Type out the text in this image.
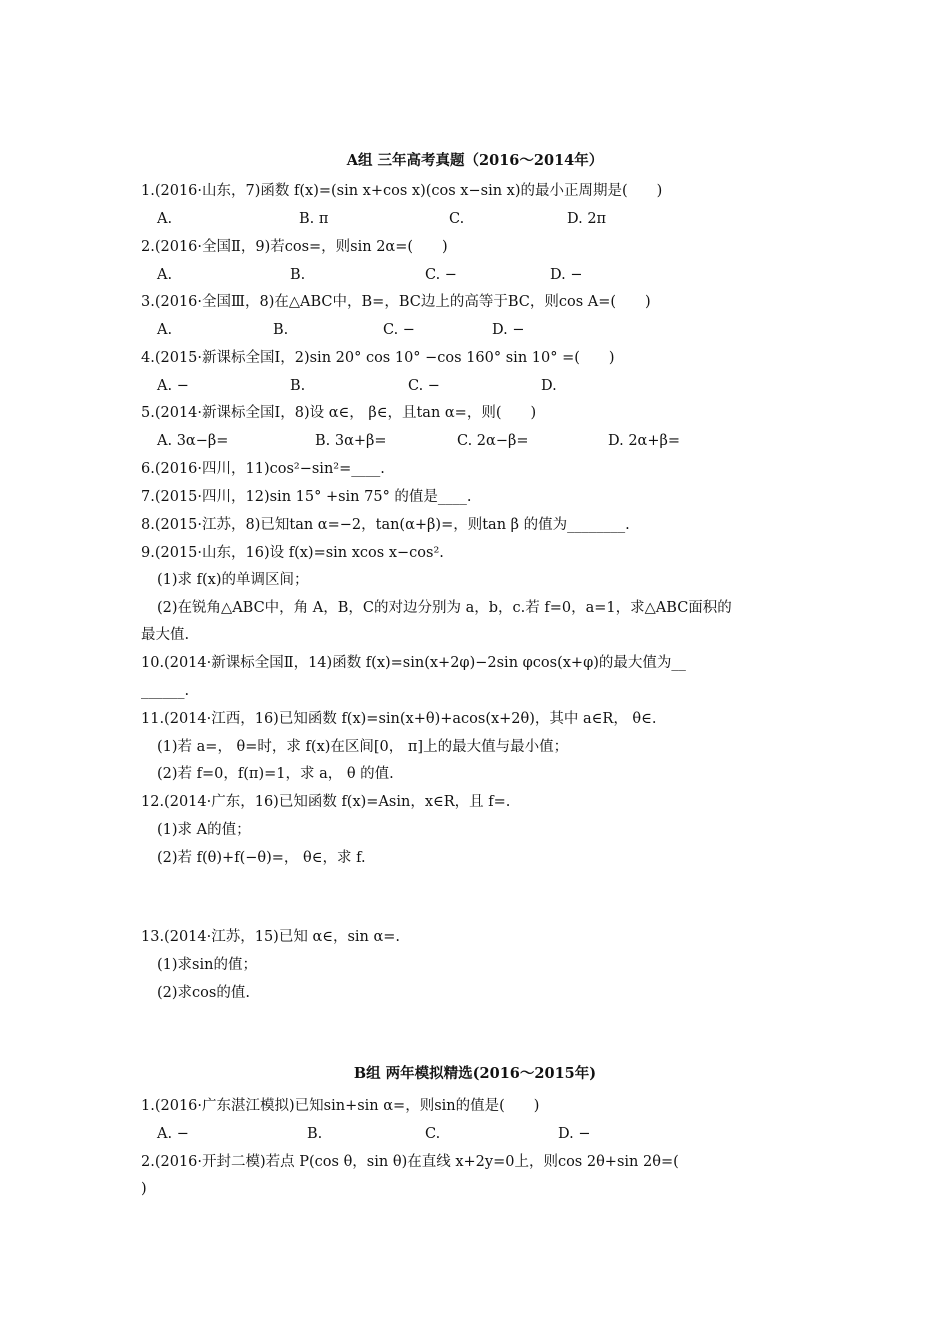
A组 三年高考真题（2016～2014年）
1.(2016·山东，7)函数 f(x)=(sin x+cos x)(cos x−sin x)的最小正周期是(　　)
A.	B. π	C.	D. 2π
2.(2016·全国Ⅱ，9)若cos=，则sin 2α=(　　)
A.	B.	C. −	D. −
3.(2016·全国Ⅲ，8)在△ABC中，B=，BC边上的高等于BC，则cos A=(　　)
A.	B.	C. −	D. −
4.(2015·新课标全国Ⅰ，2)sin 20° cos 10° −cos 160° sin 10° =(　　)
A. −	B.	C. −	D.
5.(2014·新课标全国Ⅰ，8)设 α∈， β∈，且tan α=，则(　　)
A. 3α−β=	B. 3α+β=	C. 2α−β=	D. 2α+β=
6.(2016·四川，11)cos²−sin²=____.
7.(2015·四川，12)sin 15° +sin 75° 的值是____.
8.(2015·江苏，8)已知tan α=−2，tan(α+β)=，则tan β 的值为________.
9.(2015·山东，16)设 f(x)=sin xcos x−cos².
(1)求 f(x)的单调区间；
(2)在锐角△ABC中，角 A，B，C的对边分别为 a，b，c.若 f=0，a=1，求△ABC面积的
最大值.
10.(2014·新课标全国Ⅱ，14)函数 f(x)=sin(x+2φ)−2sin φcos(x+φ)的最大值为__
______.
11.(2014·江西，16)已知函数 f(x)=sin(x+θ)+acos(x+2θ)，其中 a∈R， θ∈.
(1)若 a=， θ=时，求 f(x)在区间[0， π]上的最大值与最小值；
(2)若 f=0，f(π)=1，求 a， θ 的值.
12.(2014·广东，16)已知函数 f(x)=Asin，x∈R，且 f=.
(1)求 A的值；
(2)若 f(θ)+f(−θ)=， θ∈，求 f.
13.(2014·江苏，15)已知 α∈，sin α=.
(1)求sin的值；
(2)求cos的值.
B组 两年模拟精选(2016～2015年)
1.(2016·广东湛江模拟)已知sin+sin α=，则sin的值是(　　)
A. −	B.	C.	D. −
2.(2016·开封二模)若点 P(cos θ，sin θ)在直线 x+2y=0上，则cos 2θ+sin 2θ=(
)
